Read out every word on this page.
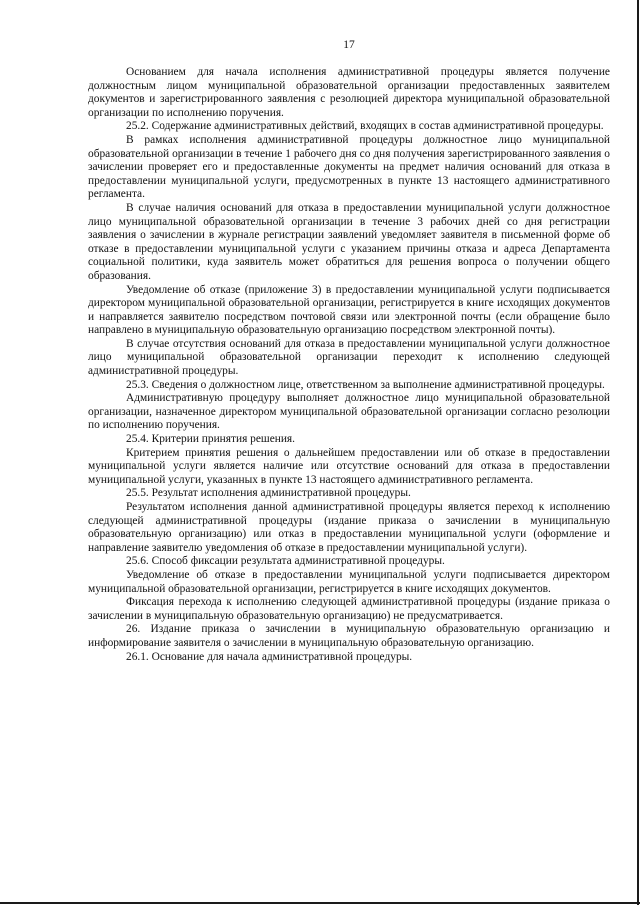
17

Основанием для начала исполнения административной процедуры является получение должностным лицом муниципальной образовательной организации предоставленных заявителем документов и зарегистрированного заявления с резолюцией директора муниципальной образовательной организации по исполнению поручения.

25.2. Содержание административных действий, входящих в состав административной процедуры.

В рамках исполнения административной процедуры должностное лицо муниципальной образовательной организации в течение 1 рабочего дня со дня получения зарегистрированного заявления о зачислении проверяет его и предоставленные документы на предмет наличия оснований для отказа в предоставлении муниципальной услуги, предусмотренных в пункте 13 настоящего административного регламента.

В случае наличия оснований для отказа в предоставлении муниципальной услуги должностное лицо муниципальной образовательной организации в течение 3 рабочих дней со дня регистрации заявления о зачислении в журнале регистрации заявлений уведомляет заявителя в письменной форме об отказе в предоставлении муниципальной услуги с указанием причины отказа и адреса Департамента социальной политики, куда заявитель может обратиться для решения вопроса о получении общего образования.

Уведомление об отказе (приложение 3) в предоставлении муниципальной услуги подписывается директором муниципальной образовательной организации, регистрируется в книге исходящих документов и направляется заявителю посредством почтовой связи или электронной почты (если обращение было направлено в муниципальную образовательную организацию посредством электронной почты).

В случае отсутствия оснований для отказа в предоставлении муниципальной услуги должностное лицо муниципальной образовательной организации переходит к исполнению следующей административной процедуры.

25.3. Сведения о должностном лице, ответственном за выполнение административной процедуры.

Административную процедуру выполняет должностное лицо муниципальной образовательной организации, назначенное директором муниципальной образовательной организации согласно резолюции по исполнению поручения.

25.4. Критерии принятия решения.

Критерием принятия решения о дальнейшем предоставлении или об отказе в предоставлении муниципальной услуги является наличие или отсутствие оснований для отказа в предоставлении муниципальной услуги, указанных в пункте 13 настоящего административного регламента.

25.5. Результат исполнения административной процедуры.

Результатом исполнения данной административной процедуры является переход к исполнению следующей административной процедуры (издание приказа о зачислении в муниципальную образовательную организацию) или отказ в предоставлении муниципальной услуги (оформление и направление заявителю уведомления об отказе в предоставлении муниципальной услуги).

25.6. Способ фиксации результата административной процедуры.

Уведомление об отказе в предоставлении муниципальной услуги подписывается директором муниципальной образовательной организации, регистрируется в книге исходящих документов.

Фиксация перехода к исполнению следующей административной процедуры (издание приказа о зачислении в муниципальную образовательную организацию) не предусматривается.

26. Издание приказа о зачислении в муниципальную образовательную организацию и информирование заявителя о зачислении в муниципальную образовательную организацию.

26.1. Основание для начала административной процедуры.
